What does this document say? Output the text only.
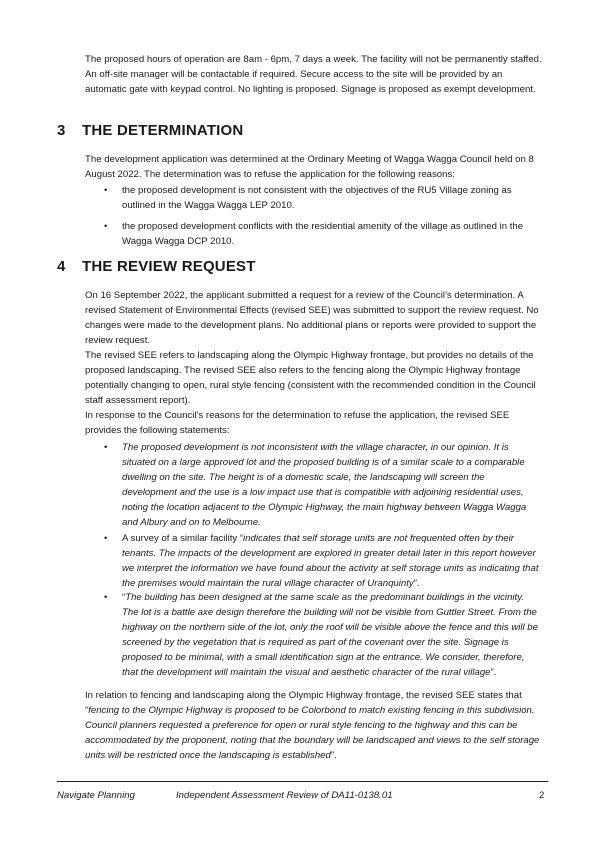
The proposed hours of operation are 8am - 6pm, 7 days a week. The facility will not be permanently staffed. An off-site manager will be contactable if required. Secure access to the site will be provided by an automatic gate with keypad control. No lighting is proposed. Signage is proposed as exempt development.

3 THE DETERMINATION

The development application was determined at the Ordinary Meeting of Wagga Wagga Council held on 8 August 2022. The determination was to refuse the application for the following reasons:

• the proposed development is not consistent with the objectives of the RU5 Village zoning as outlined in the Wagga Wagga LEP 2010.

• the proposed development conflicts with the residential amenity of the village as outlined in the Wagga Wagga DCP 2010.

4 THE REVIEW REQUEST

On 16 September 2022, the applicant submitted a request for a review of the Council’s determination. A revised Statement of Environmental Effects (revised SEE) was submitted to support the review request. No changes were made to the development plans. No additional plans or reports were provided to support the review request.

The revised SEE refers to landscaping along the Olympic Highway frontage, but provides no details of the proposed landscaping. The revised SEE also refers to the fencing along the Olympic Highway frontage potentially changing to open, rural style fencing (consistent with the recommended condition in the Council staff assessment report).

In response to the Council’s reasons for the determination to refuse the application, the revised SEE provides the following statements:

• The proposed development is not inconsistent with the village character, in our opinion. It is situated on a large approved lot and the proposed building is of a similar scale to a comparable dwelling on the site. The height is of a domestic scale, the landscaping will screen the development and the use is a low impact use that is compatible with adjoining residential uses, noting the location adjacent to the Olympic Highway, the main highway between Wagga Wagga and Albury and on to Melbourne.

• A survey of a similar facility “indicates that self storage units are not frequented often by their tenants. The impacts of the development are explored in greater detail later in this report however we interpret the information we have found about the activity at self storage units as indicating that the premises would maintain the rural village character of Uranquinty”.

• “The building has been designed at the same scale as the predominant buildings in the vicinity. The lot is a battle axe design therefore the building will not be visible from Guttler Street. From the highway on the northern side of the lot, only the roof will be visible above the fence and this will be screened by the vegetation that is required as part of the covenant over the site. Signage is proposed to be minimal, with a small identification sign at the entrance. We consider, therefore, that the development will maintain the visual and aesthetic character of the rural village”.

In relation to fencing and landscaping along the Olympic Highway frontage, the revised SEE states that “fencing to the Olympic Highway is proposed to be Colorbond to match existing fencing in this subdivision. Council planners requested a preference for open or rural style fencing to the highway and this can be accommodated by the proponent, noting that the boundary will be landscaped and views to the self storage units will be restricted once the landscaping is established”.

Navigate Planning	Independent Assessment Review of DA11-0138.01	2
